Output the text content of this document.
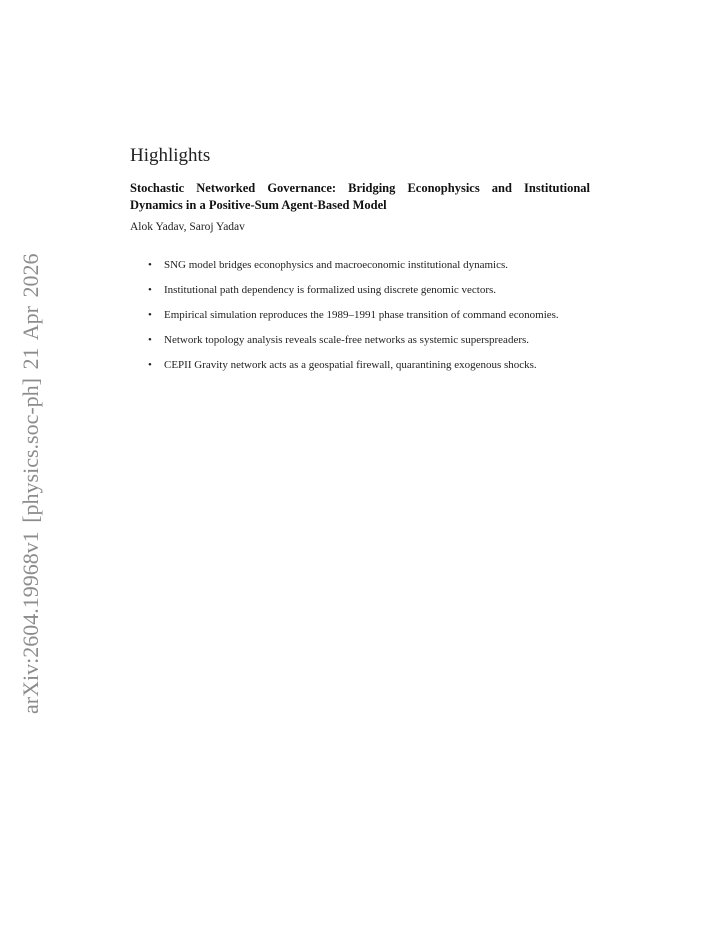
arXiv:2604.19968v1 [physics.soc-ph] 21 Apr 2026
Highlights
Stochastic Networked Governance: Bridging Econophysics and Institutional Dynamics in a Positive-Sum Agent-Based Model
Alok Yadav, Saroj Yadav
• SNG model bridges econophysics and macroeconomic institutional dynamics.
• Institutional path dependency is formalized using discrete genomic vectors.
• Empirical simulation reproduces the 1989–1991 phase transition of command economies.
• Network topology analysis reveals scale-free networks as systemic superspreaders.
• CEPII Gravity network acts as a geospatial firewall, quarantining exogenous shocks.
